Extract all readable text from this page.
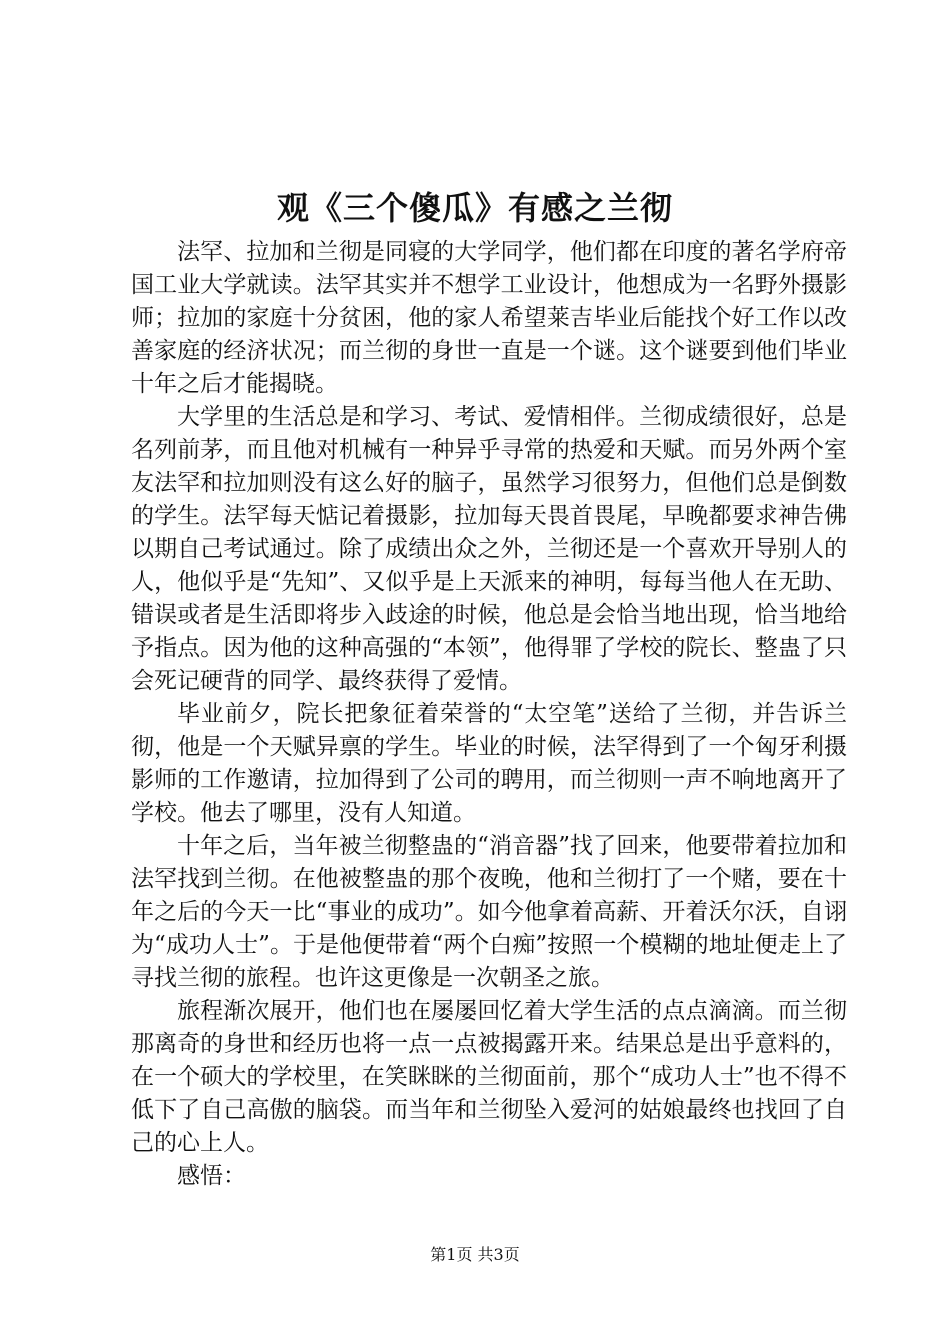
观《三个傻瓜》有感之兰彻

法罕、拉加和兰彻是同寝的大学同学，他们都在印度的著名学府帝国工业大学就读。法罕其实并不想学工业设计，他想成为一名野外摄影师；拉加的家庭十分贫困，他的家人希望莱吉毕业后能找个好工作以改善家庭的经济状况；而兰彻的身世一直是一个谜。这个谜要到他们毕业十年之后才能揭晓。

大学里的生活总是和学习、考试、爱情相伴。兰彻成绩很好，总是名列前茅，而且他对机械有一种异乎寻常的热爱和天赋。而另外两个室友法罕和拉加则没有这么好的脑子，虽然学习很努力，但他们总是倒数的学生。法罕每天惦记着摄影，拉加每天畏首畏尾，早晚都要求神告佛以期自己考试通过。除了成绩出众之外，兰彻还是一个喜欢开导别人的人，他似乎是“先知”、又似乎是上天派来的神明，每每当他人在无助、错误或者是生活即将步入歧途的时候，他总是会恰当地出现，恰当地给予指点。因为他的这种高强的“本领”，他得罪了学校的院长、整蛊了只会死记硬背的同学、最终获得了爱情。

毕业前夕，院长把象征着荣誉的“太空笔”送给了兰彻，并告诉兰彻，他是一个天赋异禀的学生。毕业的时候，法罕得到了一个匈牙利摄影师的工作邀请，拉加得到了公司的聘用，而兰彻则一声不响地离开了学校。他去了哪里，没有人知道。

十年之后，当年被兰彻整蛊的“消音器”找了回来，他要带着拉加和法罕找到兰彻。在他被整蛊的那个夜晚，他和兰彻打了一个赌，要在十年之后的今天一比“事业的成功”。如今他拿着高薪、开着沃尔沃，自诩为“成功人士”。于是他便带着“两个白痴”按照一个模糊的地址便走上了寻找兰彻的旅程。也许这更像是一次朝圣之旅。

旅程渐次展开，他们也在屡屡回忆着大学生活的点点滴滴。而兰彻那离奇的身世和经历也将一点一点被揭露开来。结果总是出乎意料的，在一个硕大的学校里，在笑眯眯的兰彻面前，那个“成功人士”也不得不低下了自己高傲的脑袋。而当年和兰彻坠入爱河的姑娘最终也找回了自己的心上人。

感悟：

第1页 共3页
